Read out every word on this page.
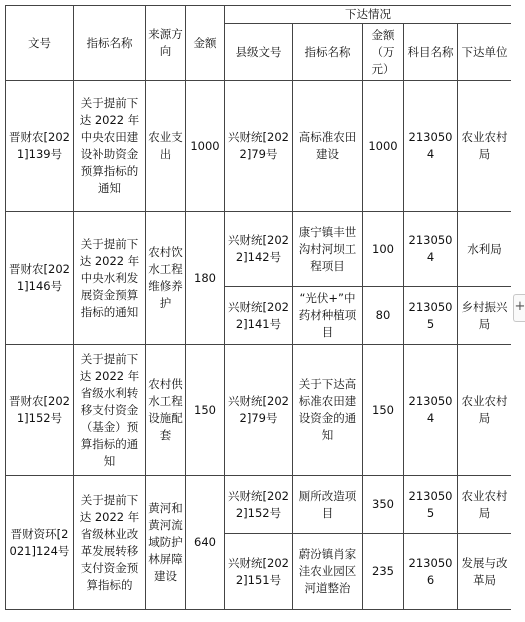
文号	指标名称	来源方向	金额	下达情况				
				县级文号	指标名称	金额（万元）	科目名称	下达单位
晋财农[2021]139号	关于提前下达 2022 年中央农田建设补助资金预算指标的通知	农业支出	1000	兴财统[2022]79号	高标准农田建设	1000	2130504	农业农村局
晋财农[2021]146号	关于提前下达 2022 年中央水利发展资金预算指标的通知	农村饮水工程维修养护	180	兴财统[2022]142号	康宁镇丰世沟村河坝工程项目	100	2130504	水利局
				兴财统[2022]141号	“光伏+”中药材种植项目	80	2130505	乡村振兴局
晋财农[2021]152号	关于提前下达 2022 年省级水利转移支付资金（基金）预算指标的通知	农村供水工程设施配套	150	兴财统[2022]79号	关于下达高标准农田建设资金的通知	150	2130504	农业农村局
晋财资环[2021]124号	关于提前下达 2022 年省级林业改革发展转移支付资金预算指标的	黄河和黄河流域防护林屏障建设	640	兴财统[2022]152号	厕所改造项目	350	2130505	农业农村局
				兴财统[2022]151号	蔚汾镇肖家洼农业园区河道整治	235	2130506	发展与改革局
+
